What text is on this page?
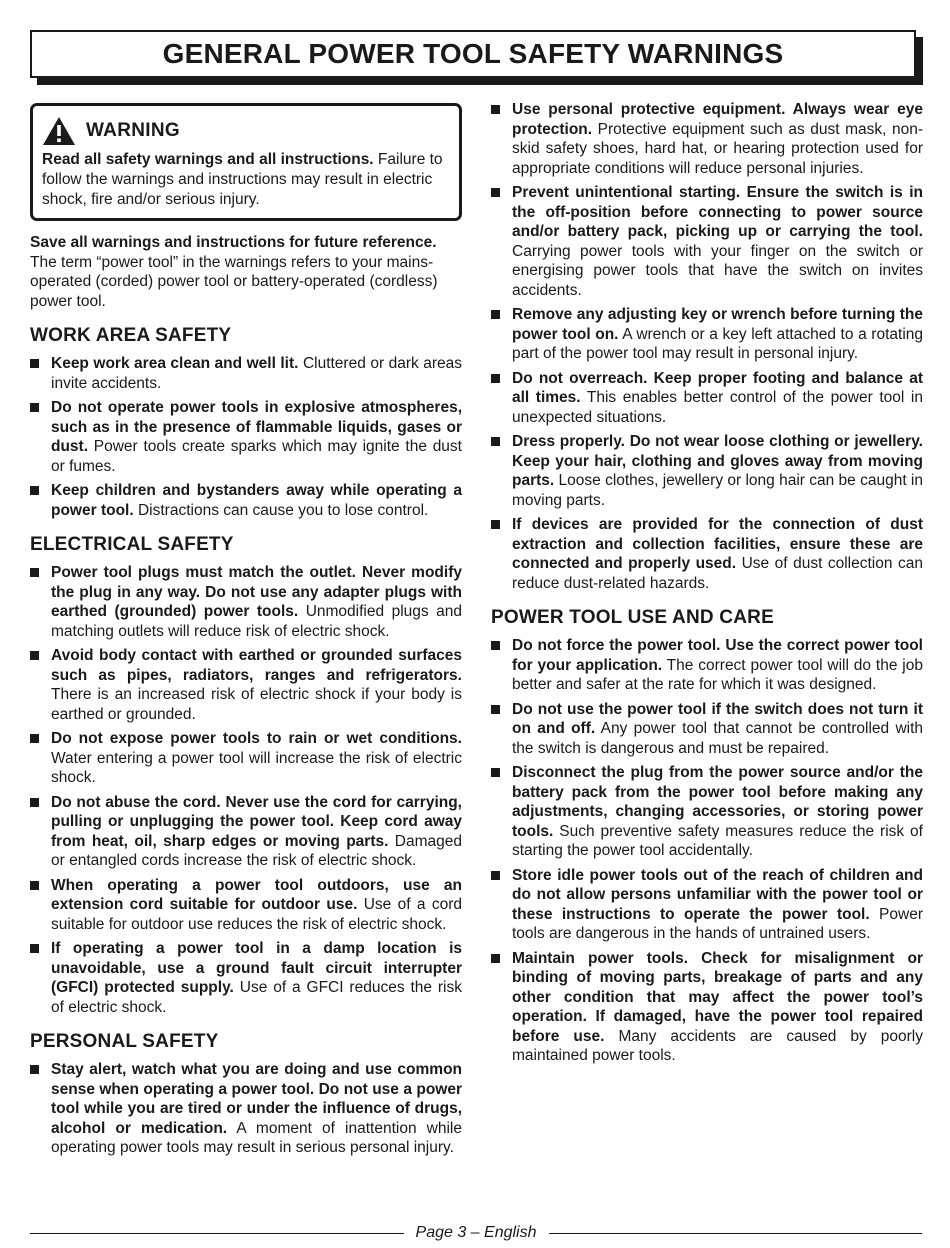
GENERAL POWER TOOL SAFETY WARNINGS
WARNING
Read all safety warnings and all instructions. Failure to follow the warnings and instructions may result in electric shock, fire and/or serious injury.

Save all warnings and instructions for future reference. The term “power tool” in the warnings refers to your mains-operated (corded) power tool or battery-operated (cordless) power tool.

WORK AREA SAFETY
Keep work area clean and well lit. Cluttered or dark areas invite accidents.
Do not operate power tools in explosive atmospheres, such as in the presence of flammable liquids, gases or dust. Power tools create sparks which may ignite the dust or fumes.
Keep children and bystanders away while operating a power tool. Distractions can cause you to lose control.
ELECTRICAL SAFETY
Power tool plugs must match the outlet. Never modify the plug in any way. Do not use any adapter plugs with earthed (grounded) power tools. Unmodified plugs and matching outlets will reduce risk of electric shock.
Avoid body contact with earthed or grounded surfaces such as pipes, radiators, ranges and refrigerators. There is an increased risk of electric shock if your body is earthed or grounded.
Do not expose power tools to rain or wet conditions. Water entering a power tool will increase the risk of electric shock.
Do not abuse the cord. Never use the cord for carrying, pulling or unplugging the power tool. Keep cord away from heat, oil, sharp edges or moving parts. Damaged or entangled cords increase the risk of electric shock.
When operating a power tool outdoors, use an extension cord suitable for outdoor use. Use of a cord suitable for outdoor use reduces the risk of electric shock.
If operating a power tool in a damp location is unavoidable, use a ground fault circuit interrupter (GFCI) protected supply. Use of a GFCI reduces the risk of electric shock.
PERSONAL SAFETY
Stay alert, watch what you are doing and use common sense when operating a power tool. Do not use a power tool while you are tired or under the influence of drugs, alcohol or medication. A moment of inattention while operating power tools may result in serious personal injury.
Use personal protective equipment. Always wear eye protection. Protective equipment such as dust mask, non-skid safety shoes, hard hat, or hearing protection used for appropriate conditions will reduce personal injuries.
Prevent unintentional starting. Ensure the switch is in the off-position before connecting to power source and/or battery pack, picking up or carrying the tool. Carrying power tools with your finger on the switch or energising power tools that have the switch on invites accidents.
Remove any adjusting key or wrench before turning the power tool on. A wrench or a key left attached to a rotating part of the power tool may result in personal injury.
Do not overreach. Keep proper footing and balance at all times. This enables better control of the power tool in unexpected situations.
Dress properly. Do not wear loose clothing or jewellery. Keep your hair, clothing and gloves away from moving parts. Loose clothes, jewellery or long hair can be caught in moving parts.
If devices are provided for the connection of dust extraction and collection facilities, ensure these are connected and properly used. Use of dust collection can reduce dust-related hazards.
POWER TOOL USE AND CARE
Do not force the power tool. Use the correct power tool for your application. The correct power tool will do the job better and safer at the rate for which it was designed.
Do not use the power tool if the switch does not turn it on and off. Any power tool that cannot be controlled with the switch is dangerous and must be repaired.
Disconnect the plug from the power source and/or the battery pack from the power tool before making any adjustments, changing accessories, or storing power tools. Such preventive safety measures reduce the risk of starting the power tool accidentally.
Store idle power tools out of the reach of children and do not allow persons unfamiliar with the power tool or these instructions to operate the power tool. Power tools are dangerous in the hands of untrained users.
Maintain power tools. Check for misalignment or binding of moving parts, breakage of parts and any other condition that may affect the power tool’s operation. If damaged, have the power tool repaired before use. Many accidents are caused by poorly maintained power tools.
Page 3 – English
